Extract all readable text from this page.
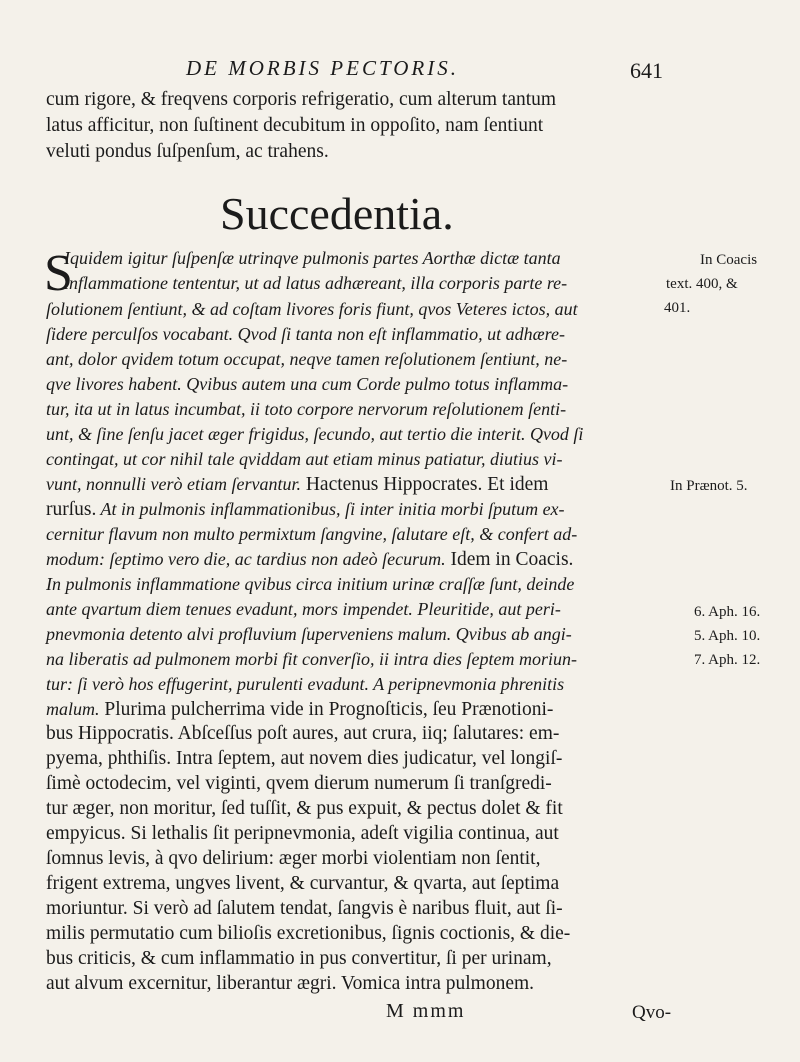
DE MORBIS PECTORIS.	641
cum rigore, & freqvens corporis refrigeratio, cum alterum tantum
latus afficitur, non ſuſtinent decubitum in oppoſito, nam ſentiunt
veluti pondus ſuſpenſum, ac trahens.
Iquidem igitur ſuſpenſæ utrinqve pulmonis partes Aorthæ dictæ tanta
inflammatione tententur, ut ad latus adhæreant, illa corporis parte re-
ſolutionem ſentiunt, & ad coſtam livores foris fiunt, qvos Veteres ictos, aut
ſidere perculſos vocabant. Qvod ſi tanta non eſt inflammatio, ut adhære-
ant, dolor qvidem totum occupat, neqve tamen reſolutionem ſentiunt, ne-
qve livores habent. Qvibus autem una cum Corde pulmo totus inflamma-
tur, ita ut in latus incumbat, ii toto corpore nervorum reſolutionem ſenti-
unt, & ſine ſenſu jacet æger frigidus, ſecundo, aut tertio die interit. Qvod ſi
contingat, ut cor nihil tale qviddam aut etiam minus patiatur, diutius vi-
vunt, nonnulli verò etiam ſervantur. Hactenus Hippocrates. Et idem
rurſus. At in pulmonis inflammationibus, ſi inter initia morbi ſputum ex-
cernitur flavum non multo permixtum ſangvine, ſalutare eſt, & confert ad-
modum: ſeptimo vero die, ac tardius non adeò ſecurum. Idem in Coacis.
In pulmonis inflammatione qvibus circa initium urinæ craſſæ ſunt, deinde
ante qvartum diem tenues evadunt, mors impendet. Pleuritide, aut peri-
pnevmonia detento alvi profluvium ſuperveniens malum. Qvibus ab angi-
na liberatis ad pulmonem morbi fit converſio, ii intra dies ſeptem moriun-
tur: ſi verò hos effugerint, purulenti evadunt. A peripnevmonia phrenitis
malum. Plurima pulcherrima vide in Prognoſticis, ſeu Prænotioni-
bus Hippocratis. Abſceſſus poſt aures, aut crura, iiq; ſalutares: em-
pyema, phthiſis. Intra ſeptem, aut novem dies judicatur, vel longiſ-
ſimè octodecim, vel viginti, qvem dierum numerum ſi tranſgredi-
tur æger, non moritur, ſed tuſſit, & pus expuit, & pectus dolet & fit
empyicus. Si lethalis ſit peripnevmonia, adeſt vigilia continua, aut
ſomnus levis, à qvo delirium: æger morbi violentiam non ſentit,
frigent extrema, ungves livent, & curvantur, & qvarta, aut ſeptima
moriuntur. Si verò ad ſalutem tendat, ſangvis è naribus fluit, aut ſi-
milis permutatio cum bilioſis excretionibus, ſignis coctionis, & die-
bus criticis, & cum inflammatio in pus convertitur, ſi per urinam,
aut alvum excernitur, liberantur ægri. Vomica intra pulmonem.
Succedentia.
S	In Coacis
text. 400, &
401.
In Prænot. 5.
6. Aph. 16.
5. Aph. 10.
7. Aph. 12.
M mmm	Qvo-
